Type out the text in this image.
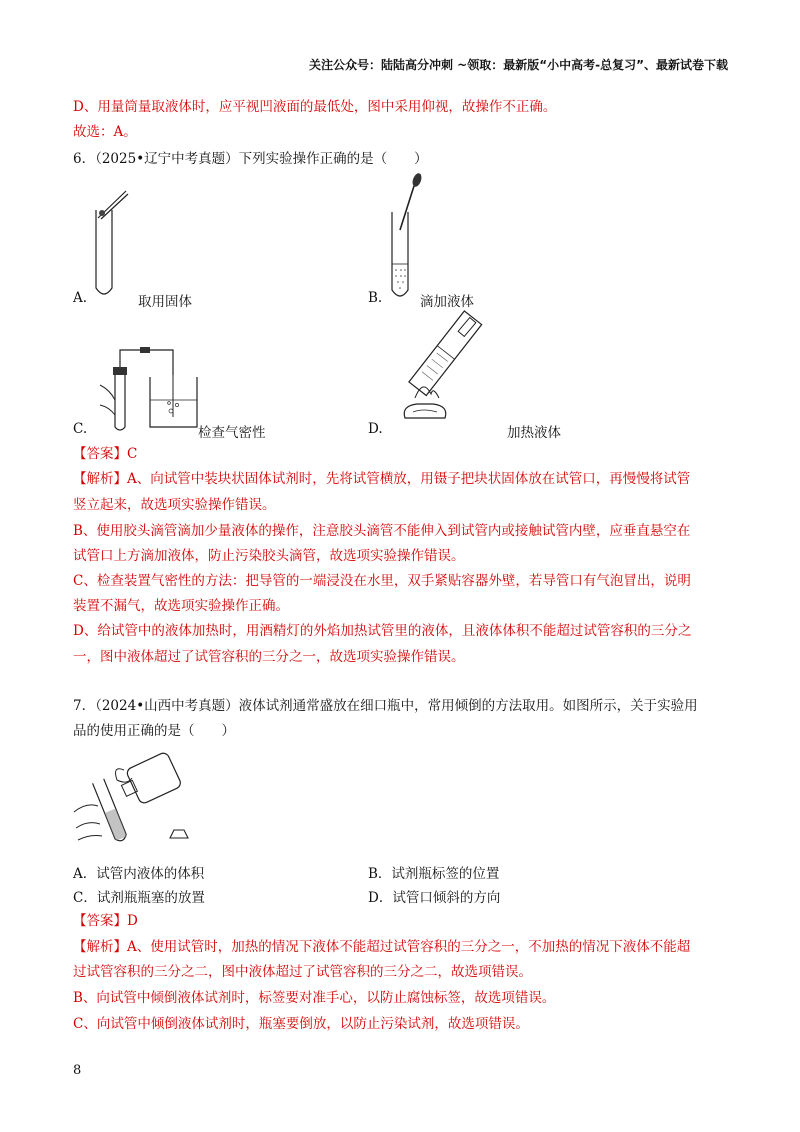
关注公众号：陆陆高分冲刺 ~领取：最新版“小中高考-总复习”、最新试卷下载
D、用量筒量取液体时，应平视凹液面的最低处，图中采用仰视，故操作不正确。
故选：A。
6．（2025•辽宁中考真题）下列实验操作正确的是（　　）
A.	取用固体	B.	滴加液体
C.	检查气密性	D.	加热液体
【答案】C
【解析】A、向试管中装块状固体试剂时，先将试管横放，用镊子把块状固体放在试管口，再慢慢将试管
竖立起来，故选项实验操作错误。
B、使用胶头滴管滴加少量液体的操作，注意胶头滴管不能伸入到试管内或接触试管内壁，应垂直悬空在
试管口上方滴加液体，防止污染胶头滴管，故选项实验操作错误。
C、检查装置气密性的方法：把导管的一端浸没在水里，双手紧贴容器外壁，若导管口有气泡冒出，说明
装置不漏气，故选项实验操作正确。
D、给试管中的液体加热时，用酒精灯的外焰加热试管里的液体，且液体体积不能超过试管容积的三分之
一，图中液体超过了试管容积的三分之一，故选项实验操作错误。
7．（2024•山西中考真题）液体试剂通常盛放在细口瓶中，常用倾倒的方法取用。如图所示，关于实验用
品的使用正确的是（　　）
A．试管内液体的体积	B．试剂瓶标签的位置
C．试剂瓶瓶塞的放置	D．试管口倾斜的方向
【答案】D
【解析】A、使用试管时，加热的情况下液体不能超过试管容积的三分之一，不加热的情况下液体不能超
过试管容积的三分之二，图中液体超过了试管容积的三分之二，故选项错误。
B、向试管中倾倒液体试剂时，标签要对准手心，以防止腐蚀标签，故选项错误。
C、向试管中倾倒液体试剂时，瓶塞要倒放，以防止污染试剂，故选项错误。
8
